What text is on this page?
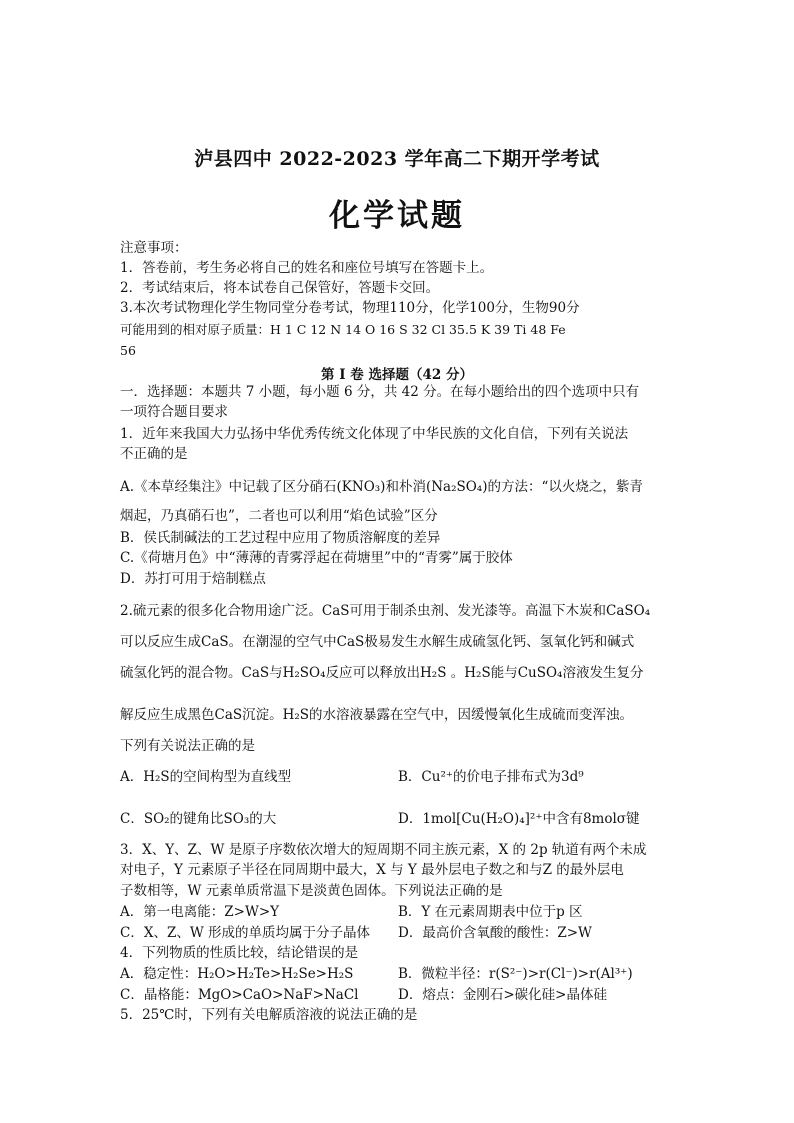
泸县四中 2022-2023 学年高二下期开学考试
化学试题
注意事项：
1．答卷前，考生务必将自己的姓名和座位号填写在答题卡上。
2．考试结束后，将本试卷自己保管好，答题卡交回。
3.本次考试物理化学生物同堂分卷考试，物理110分，化学100分，生物90分
可能用到的相对原子质量：H 1 C 12 N 14 O 16 S 32 Cl 35.5 K 39 Ti 48 Fe
56
第 I 卷 选择题（42 分）
一．选择题：本题共 7 小题，每小题 6 分，共 42 分。在每小题给出的四个选项中只有
一项符合题目要求
1．近年来我国大力弘扬中华优秀传统文化体现了中华民族的文化自信，下列有关说法
不正确的是
A.《本草经集注》中记载了区分硝石(KNO₃)和朴消(Na₂SO₄)的方法：“以火烧之，紫青
烟起，乃真硝石也”，二者也可以利用“焰色试验”区分
B．侯氏制碱法的工艺过程中应用了物质溶解度的差异
C.《荷塘月色》中“薄薄的青雾浮起在荷塘里”中的“青雾”属于胶体
D．苏打可用于焙制糕点
2.硫元素的很多化合物用途广泛。CaS可用于制杀虫剂、发光漆等。高温下木炭和CaSO₄
可以反应生成CaS。在潮湿的空气中CaS极易发生水解生成硫氢化钙、氢氧化钙和碱式
硫氢化钙的混合物。CaS与H₂SO₄反应可以释放出H₂S 。H₂S能与CuSO₄溶液发生复分
解反应生成黑色CaS沉淀。H₂S的水溶液暴露在空气中，因缓慢氧化生成硫而变浑浊。
下列有关说法正确的是
A．H₂S的空间构型为直线型	B．Cu²⁺的价电子排布式为3d⁹
C．SO₂的键角比SO₃的大	D．1mol[Cu(H₂O)₄]²⁺中含有8molσ键
3．X、Y、Z、W 是原子序数依次增大的短周期不同主族元素，X 的 2p 轨道有两个未成
对电子，Y 元素原子半径在同周期中最大，X 与 Y 最外层电子数之和与Z 的最外层电
子数相等，W 元素单质常温下是淡黄色固体。下列说法正确的是
A．第一电离能：Z>W>Y	B．Y 在元素周期表中位于p 区
C．X、Z、W 形成的单质均属于分子晶体 D．最高价含氧酸的酸性：Z>W
4．下列物质的性质比较，结论错误的是
A．稳定性：H₂O>H₂Te>H₂Se>H₂S	B．微粒半径：r(S²⁻)>r(Cl⁻)>r(Al³⁺)
C．晶格能：MgO>CaO>NaF>NaCl	D．熔点：金刚石>碳化硅>晶体硅
5．25℃时，下列有关电解质溶液的说法正确的是
